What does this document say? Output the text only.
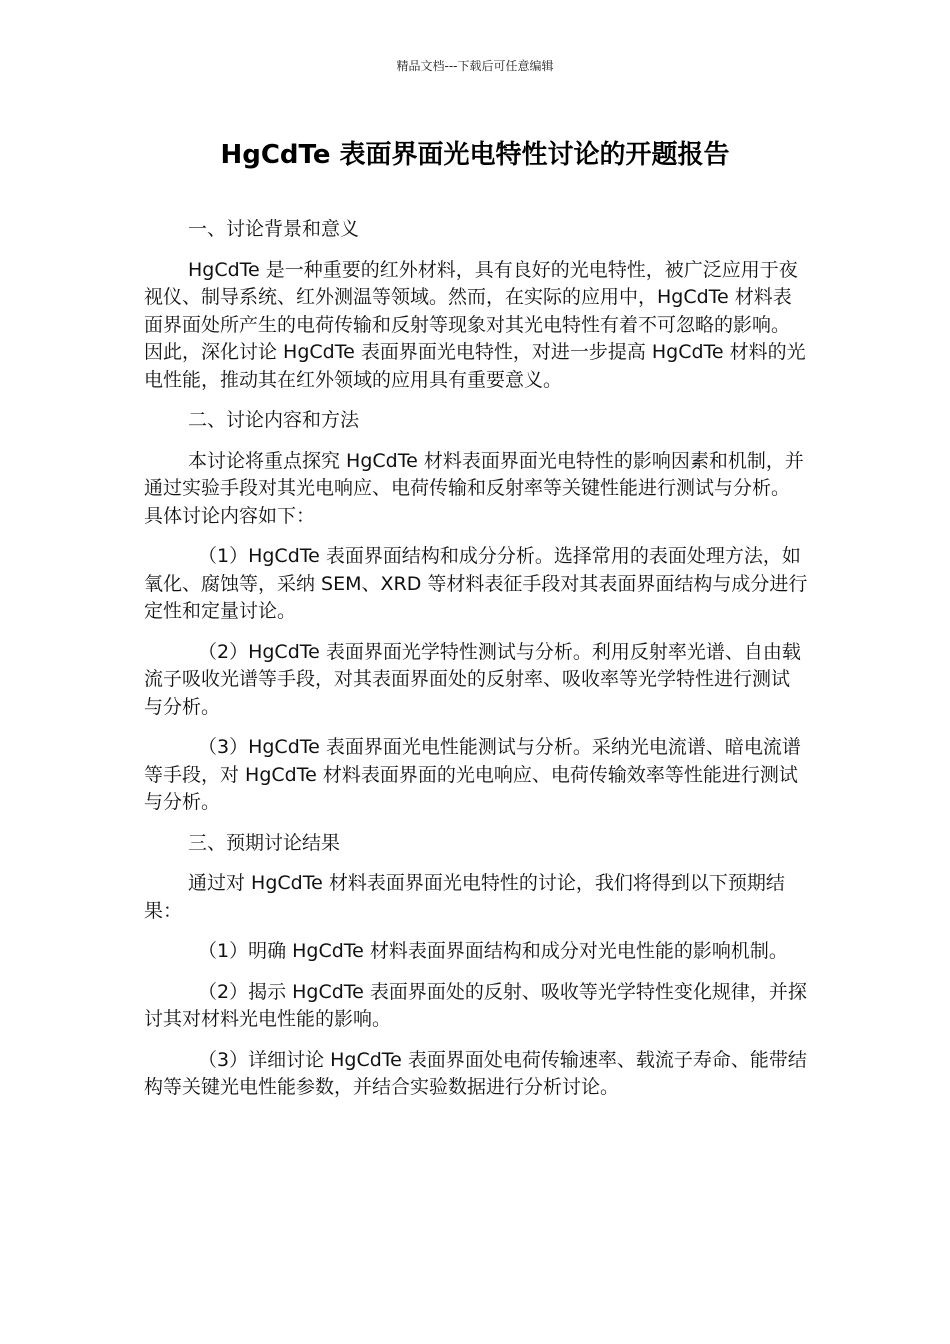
精品文档---下载后可任意编辑
HgCdTe 表面界面光电特性讨论的开题报告

一、讨论背景和意义

HgCdTe 是一种重要的红外材料，具有良好的光电特性，被广泛应用于夜视仪、制导系统、红外测温等领域。然而，在实际的应用中，HgCdTe 材料表面界面处所产生的电荷传输和反射等现象对其光电特性有着不可忽略的影响。因此，深化讨论 HgCdTe 表面界面光电特性，对进一步提高 HgCdTe 材料的光电性能，推动其在红外领域的应用具有重要意义。

二、讨论内容和方法

本讨论将重点探究 HgCdTe 材料表面界面光电特性的影响因素和机制，并通过实验手段对其光电响应、电荷传输和反射率等关键性能进行测试与分析。具体讨论内容如下：

（1）HgCdTe 表面界面结构和成分分析。选择常用的表面处理方法，如氧化、腐蚀等，采纳 SEM、XRD 等材料表征手段对其表面界面结构与成分进行定性和定量讨论。

（2）HgCdTe 表面界面光学特性测试与分析。利用反射率光谱、自由载流子吸收光谱等手段，对其表面界面处的反射率、吸收率等光学特性进行测试与分析。

（3）HgCdTe 表面界面光电性能测试与分析。采纳光电流谱、暗电流谱等手段，对 HgCdTe 材料表面界面的光电响应、电荷传输效率等性能进行测试与分析。

三、预期讨论结果

通过对 HgCdTe 材料表面界面光电特性的讨论，我们将得到以下预期结果：

（1）明确 HgCdTe 材料表面界面结构和成分对光电性能的影响机制。

（2）揭示 HgCdTe 表面界面处的反射、吸收等光学特性变化规律，并探讨其对材料光电性能的影响。

（3）详细讨论 HgCdTe 表面界面处电荷传输速率、载流子寿命、能带结构等关键光电性能参数，并结合实验数据进行分析讨论。
